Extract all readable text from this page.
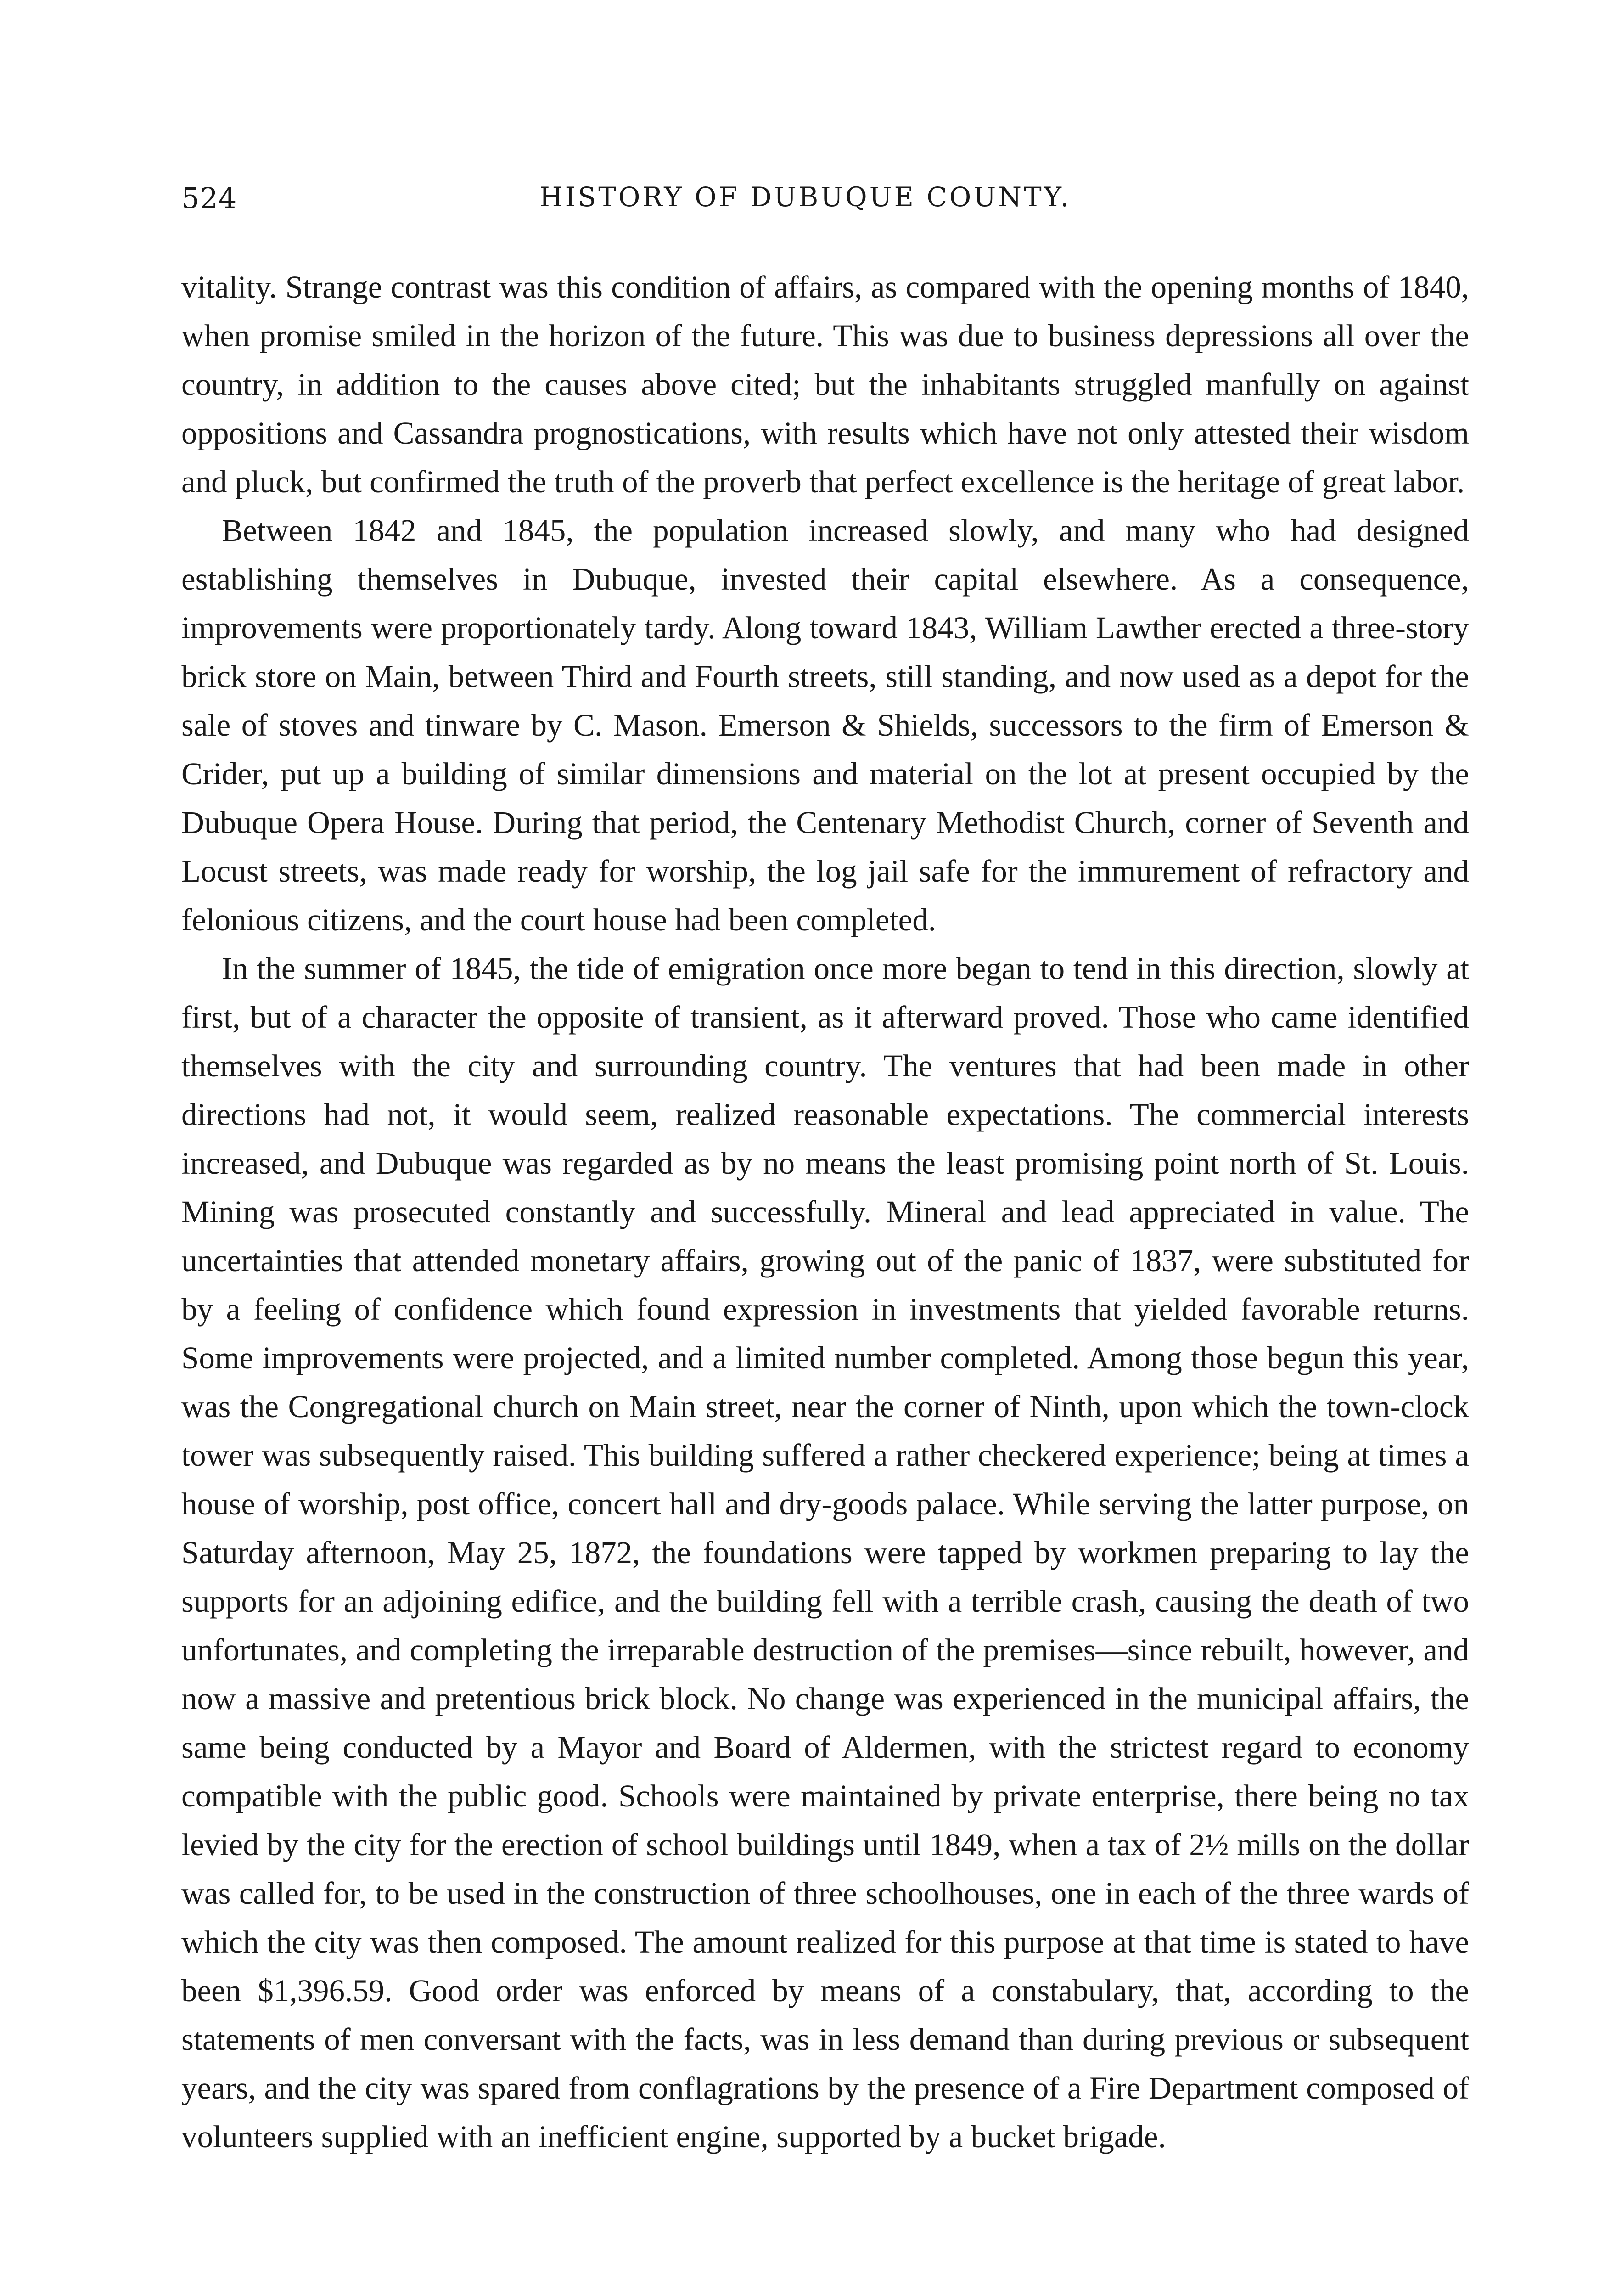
524	HISTORY OF DUBUQUE COUNTY.

vitality. Strange contrast was this condition of affairs, as compared with the opening months of 1840, when promise smiled in the horizon of the future. This was due to business depressions all over the country, in addition to the causes above cited; but the inhabitants struggled manfully on against oppositions and Cassandra prognostications, with results which have not only attested their wisdom and pluck, but confirmed the truth of the proverb that perfect excellence is the heritage of great labor.

Between 1842 and 1845, the population increased slowly, and many who had designed establishing themselves in Dubuque, invested their capital elsewhere. As a consequence, improvements were proportionately tardy. Along toward 1843, William Lawther erected a three-story brick store on Main, between Third and Fourth streets, still standing, and now used as a depot for the sale of stoves and tinware by C. Mason. Emerson & Shields, successors to the firm of Emerson & Crider, put up a building of similar dimensions and material on the lot at present occupied by the Dubuque Opera House. During that period, the Centenary Methodist Church, corner of Seventh and Locust streets, was made ready for worship, the log jail safe for the immurement of refractory and felonious citizens, and the court house had been completed.

In the summer of 1845, the tide of emigration once more began to tend in this direction, slowly at first, but of a character the opposite of transient, as it afterward proved. Those who came identified themselves with the city and surrounding country. The ventures that had been made in other directions had not, it would seem, realized reasonable expectations. The commercial interests increased, and Dubuque was regarded as by no means the least promising point north of St. Louis. Mining was prosecuted constantly and successfully. Mineral and lead appreciated in value. The uncertainties that attended monetary affairs, growing out of the panic of 1837, were substituted for by a feeling of confidence which found expression in investments that yielded favorable returns. Some improvements were projected, and a limited number completed. Among those begun this year, was the Congregational church on Main street, near the corner of Ninth, upon which the town-clock tower was subsequently raised. This building suffered a rather checkered experience; being at times a house of worship, post office, concert hall and dry-goods palace. While serving the latter purpose, on Saturday afternoon, May 25, 1872, the foundations were tapped by workmen preparing to lay the supports for an adjoining edifice, and the building fell with a terrible crash, causing the death of two unfortunates, and completing the irreparable destruction of the premises—since rebuilt, however, and now a massive and pretentious brick block. No change was experienced in the municipal affairs, the same being conducted by a Mayor and Board of Aldermen, with the strictest regard to economy compatible with the public good. Schools were maintained by private enterprise, there being no tax levied by the city for the erection of school buildings until 1849, when a tax of 2½ mills on the dollar was called for, to be used in the construction of three schoolhouses, one in each of the three wards of which the city was then composed. The amount realized for this purpose at that time is stated to have been $1,396.59. Good order was enforced by means of a constabulary, that, according to the statements of men conversant with the facts, was in less demand than during previous or subsequent years, and the city was spared from conflagrations by the presence of a Fire Department composed of volunteers supplied with an inefficient engine, supported by a bucket brigade.
